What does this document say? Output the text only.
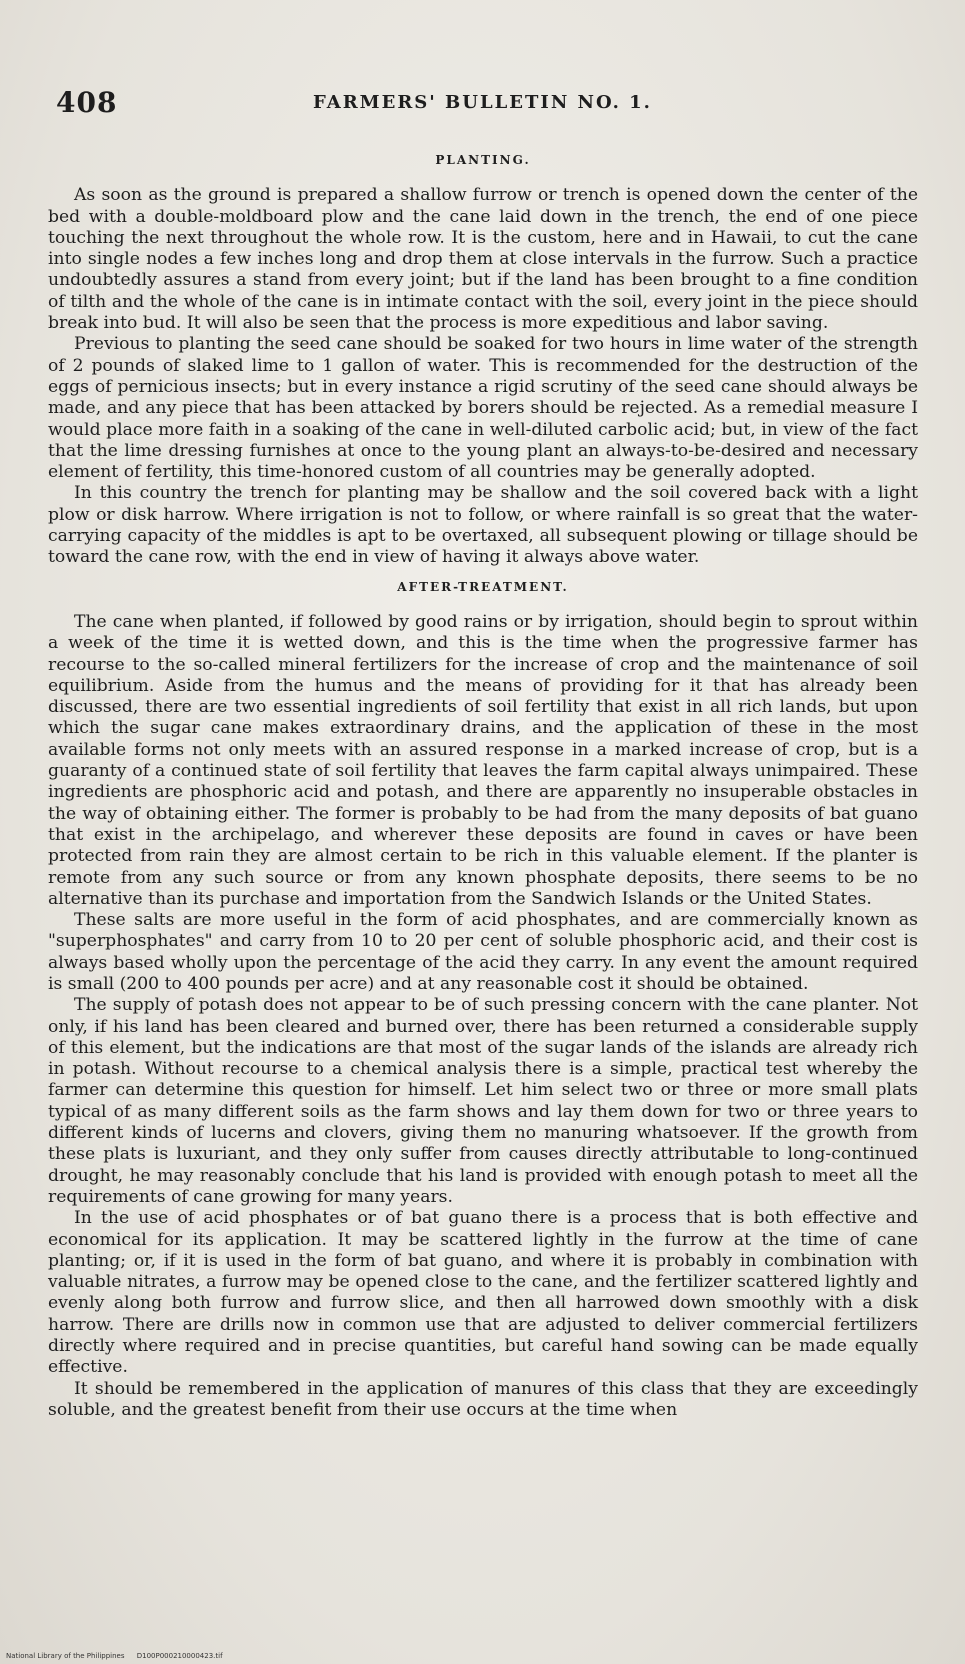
408	FARMERS' BULLETIN NO. 1.
PLANTING.

As soon as the ground is prepared a shallow furrow or trench is opened down the center of the bed with a double-moldboard plow and the cane laid down in the trench, the end of one piece touching the next throughout the whole row. It is the custom, here and in Hawaii, to cut the cane into single nodes a few inches long and drop them at close intervals in the furrow. Such a practice undoubtedly assures a stand from every joint; but if the land has been brought to a fine condition of tilth and the whole of the cane is in intimate contact with the soil, every joint in the piece should break into bud. It will also be seen that the process is more expeditious and labor saving.

Previous to planting the seed cane should be soaked for two hours in lime water of the strength of 2 pounds of slaked lime to 1 gallon of water. This is recommended for the destruction of the eggs of pernicious insects; but in every instance a rigid scrutiny of the seed cane should always be made, and any piece that has been attacked by borers should be rejected. As a remedial measure I would place more faith in a soaking of the cane in well-diluted carbolic acid; but, in view of the fact that the lime dressing furnishes at once to the young plant an always-to-be-desired and necessary element of fertility, this time-honored custom of all countries may be generally adopted.

In this country the trench for planting may be shallow and the soil covered back with a light plow or disk harrow. Where irrigation is not to follow, or where rainfall is so great that the water-carrying capacity of the middles is apt to be overtaxed, all subsequent plowing or tillage should be toward the cane row, with the end in view of having it always above water.

AFTER-TREATMENT.

The cane when planted, if followed by good rains or by irrigation, should begin to sprout within a week of the time it is wetted down, and this is the time when the progressive farmer has recourse to the so-called mineral fertilizers for the increase of crop and the maintenance of soil equilibrium. Aside from the humus and the means of providing for it that has already been discussed, there are two essential ingredients of soil fertility that exist in all rich lands, but upon which the sugar cane makes extraordinary drains, and the application of these in the most available forms not only meets with an assured response in a marked increase of crop, but is a guaranty of a continued state of soil fertility that leaves the farm capital always unimpaired. These ingredients are phosphoric acid and potash, and there are apparently no insuperable obstacles in the way of obtaining either. The former is probably to be had from the many deposits of bat guano that exist in the archipelago, and wherever these deposits are found in caves or have been protected from rain they are almost certain to be rich in this valuable element. If the planter is remote from any such source or from any known phosphate deposits, there seems to be no alternative than its purchase and importation from the Sandwich Islands or the United States.

These salts are more useful in the form of acid phosphates, and are commercially known as "superphosphates" and carry from 10 to 20 per cent of soluble phosphoric acid, and their cost is always based wholly upon the percentage of the acid they carry. In any event the amount required is small (200 to 400 pounds per acre) and at any reasonable cost it should be obtained.

The supply of potash does not appear to be of such pressing concern with the cane planter. Not only, if his land has been cleared and burned over, there has been returned a considerable supply of this element, but the indications are that most of the sugar lands of the islands are already rich in potash. Without recourse to a chemical analysis there is a simple, practical test whereby the farmer can determine this question for himself. Let him select two or three or more small plats typical of as many different soils as the farm shows and lay them down for two or three years to different kinds of lucerns and clovers, giving them no manuring whatsoever. If the growth from these plats is luxuriant, and they only suffer from causes directly attributable to long-continued drought, he may reasonably conclude that his land is provided with enough potash to meet all the requirements of cane growing for many years.

In the use of acid phosphates or of bat guano there is a process that is both effective and economical for its application. It may be scattered lightly in the furrow at the time of cane planting; or, if it is used in the form of bat guano, and where it is probably in combination with valuable nitrates, a furrow may be opened close to the cane, and the fertilizer scattered lightly and evenly along both furrow and furrow slice, and then all harrowed down smoothly with a disk harrow. There are drills now in common use that are adjusted to deliver commercial fertilizers directly where required and in precise quantities, but careful hand sowing can be made equally effective.

It should be remembered in the application of manures of this class that they are exceedingly soluble, and the greatest benefit from their use occurs at the time when

National Library of the Philippines D100P000210000423.tif
